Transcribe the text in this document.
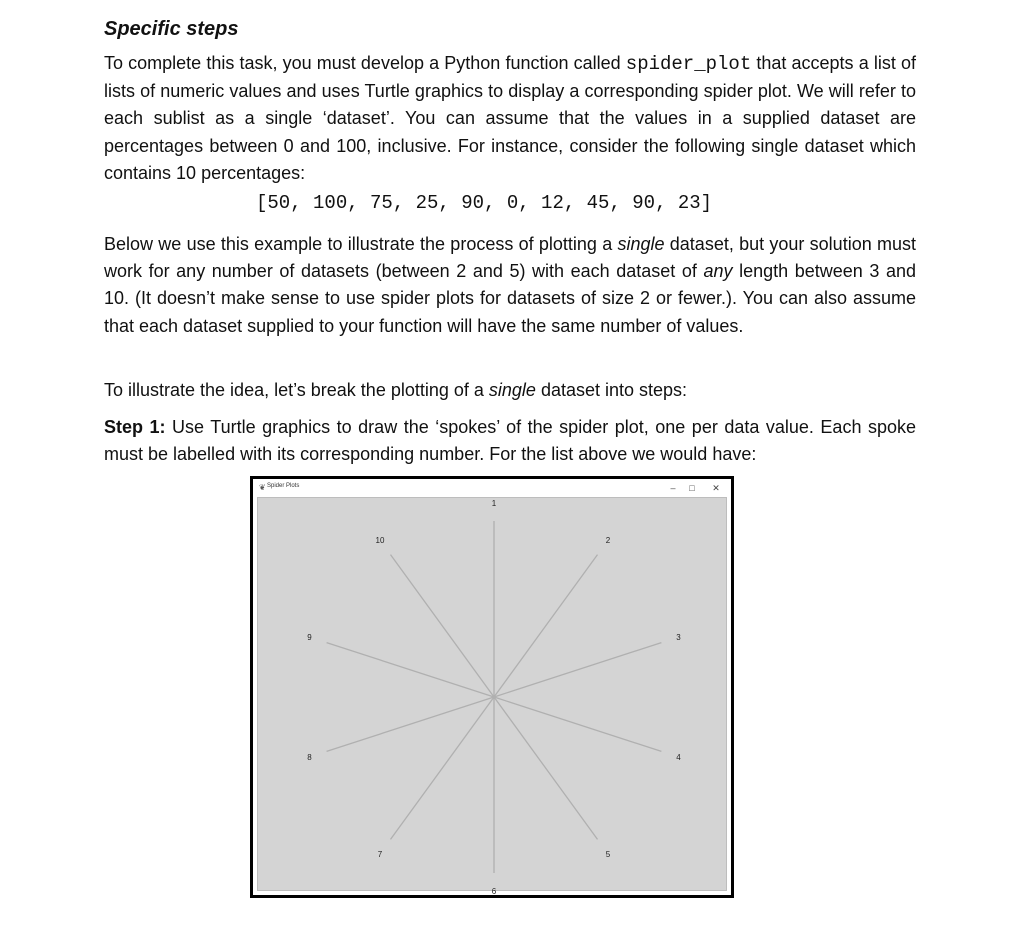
Specific steps

To complete this task, you must develop a Python function called spider_plot that accepts a list of lists of numeric values and uses Turtle graphics to display a corresponding spider plot. We will refer to each sublist as a single ‘dataset’. You can assume that the values in a supplied dataset are percentages between 0 and 100, inclusive. For instance, consider the following single dataset which contains 10 percentages:

[50, 100, 75, 25, 90, 0, 12, 45, 90, 23]

Below we use this example to illustrate the process of plotting a single dataset, but your solution must work for any number of datasets (between 2 and 5) with each dataset of any length between 3 and 10. (It doesn’t make sense to use spider plots for datasets of size 2 or fewer.). You can also assume that each dataset supplied to your function will have the same number of values.

To illustrate the idea, let’s break the plotting of a single dataset into steps:

Step 1: Use Turtle graphics to draw the ‘spokes’ of the spider plot, one per data value. Each spoke must be labelled with its corresponding number. For the list above we would have:

❦ Spider Plots	–	□	✕
1
2
3
4
5
6
7
8
9
10
